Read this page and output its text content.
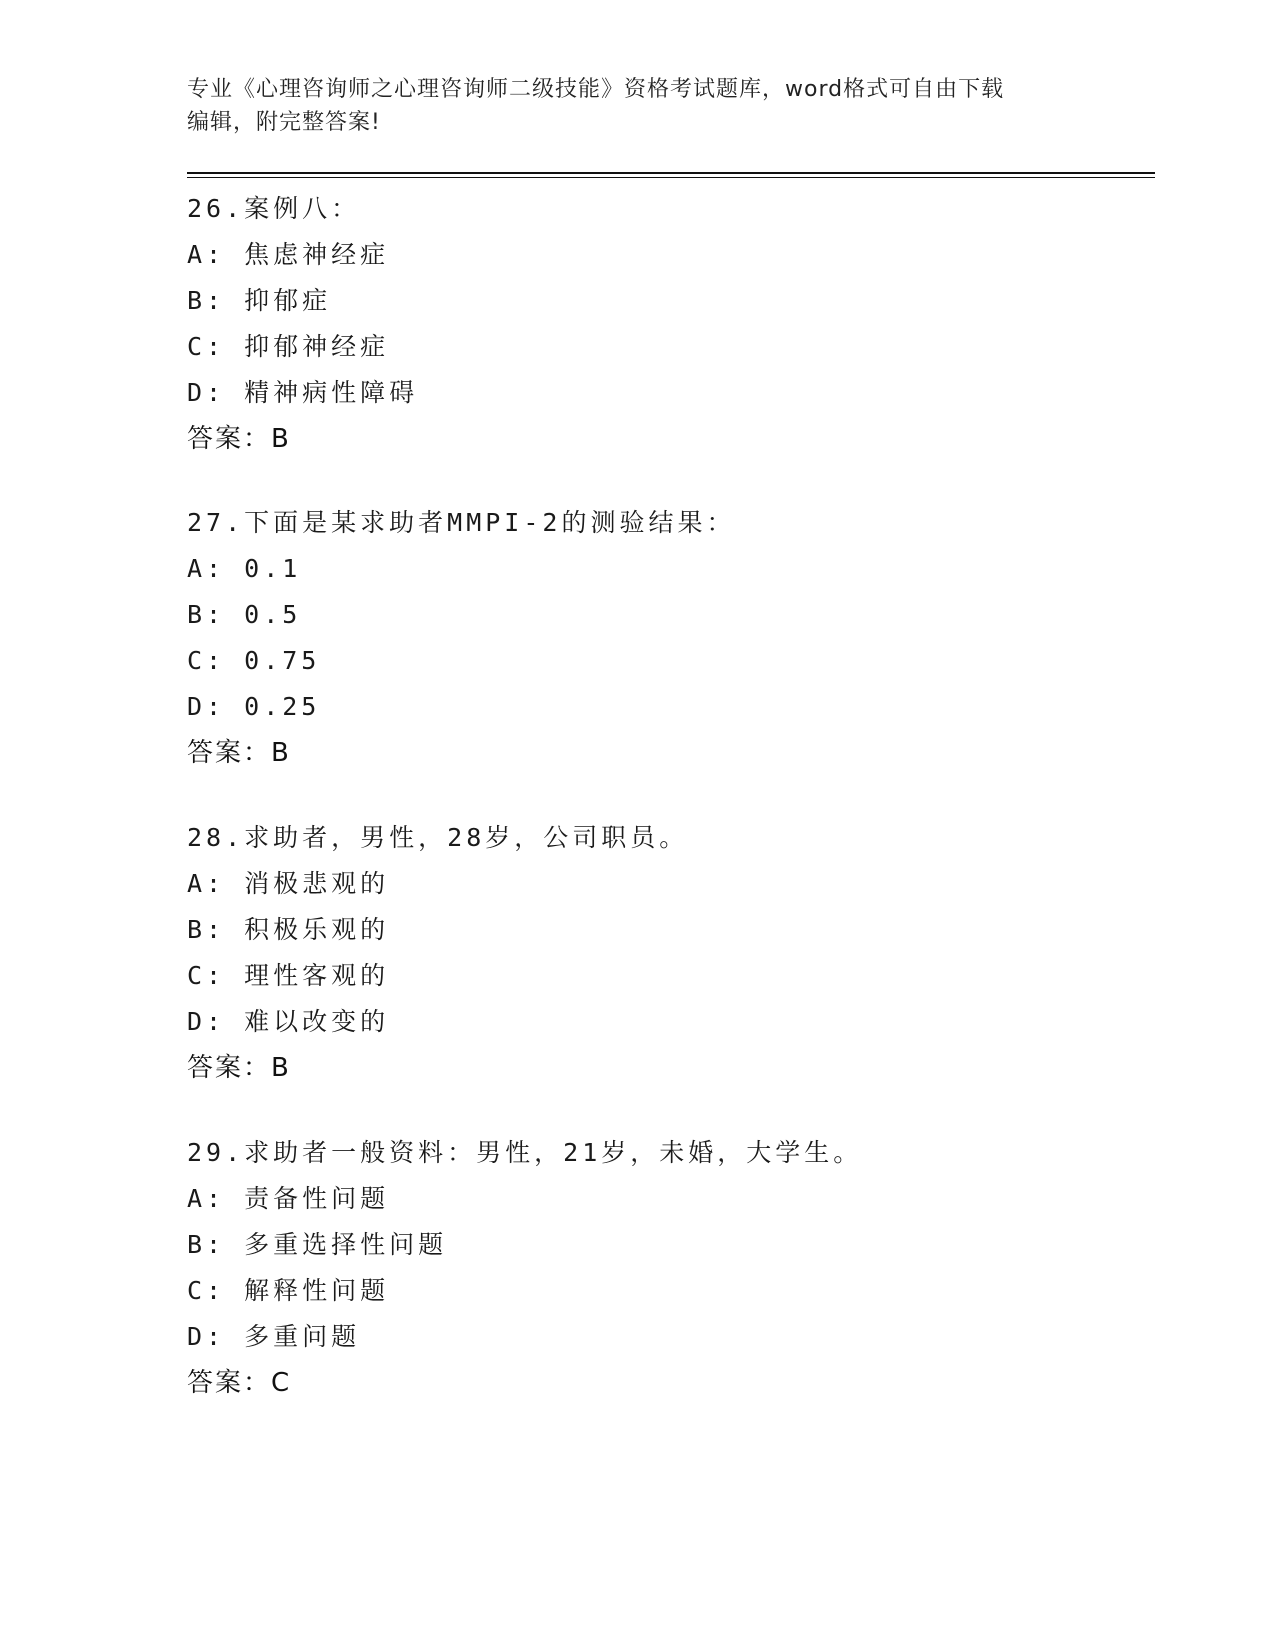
专业《心理咨询师之心理咨询师二级技能》资格考试题库，word格式可自由下载
编辑，附完整答案!
26.案例八：
A: 焦虑神经症
B: 抑郁症
C: 抑郁神经症
D: 精神病性障碍
答案：B
27.下面是某求助者MMPI-2的测验结果：
A: 0.1
B: 0.5
C: 0.75
D: 0.25
答案：B
28.求助者，男性，28岁，公司职员。
A: 消极悲观的
B: 积极乐观的
C: 理性客观的
D: 难以改变的
答案：B
29.求助者一般资料：男性，21岁，未婚，大学生。
A: 责备性问题
B: 多重选择性问题
C: 解释性问题
D: 多重问题
答案：C
